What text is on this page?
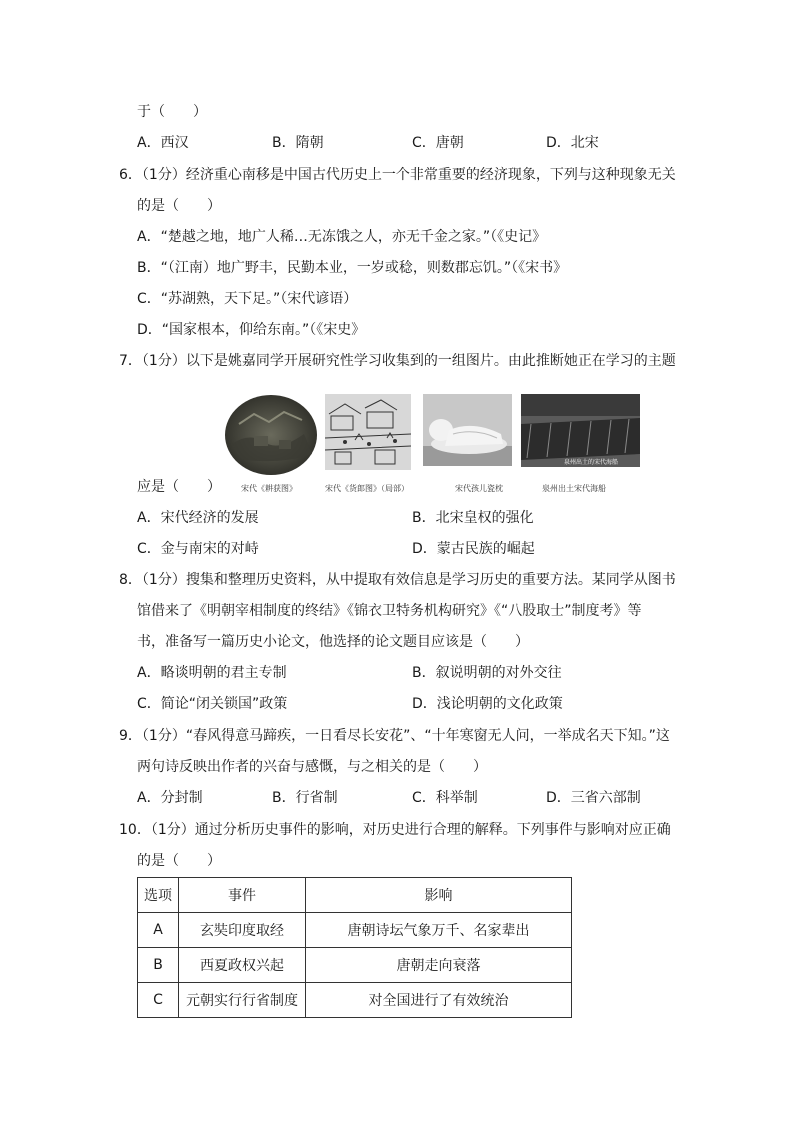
于（　　）
A．西汉	B．隋朝	C．唐朝	D．北宋
6．（1分）经济重心南移是中国古代历史上一个非常重要的经济现象，下列与这种现象无关
的是（　　）
A．“楚越之地，地广人稀…无冻饿之人，亦无千金之家。”（《史记》
B．“（江南）地广野丰，民勤本业，一岁或稔，则数郡忘饥。”（《宋书》
C．“苏湖熟，天下足。”（宋代谚语）
D．“国家根本，仰给东南。”（《宋史》
7．（1分）以下是姚嘉同学开展研究性学习收集到的一组图片。由此推断她正在学习的主题
泉州出土的宋代海船
宋代《耕获图》	宋代《货郎图》（局部）	宋代孩儿瓷枕	泉州出土宋代海船
应是（　　）
A．宋代经济的发展	B．北宋皇权的强化
C．金与南宋的对峙	D．蒙古民族的崛起
8．（1分）搜集和整理历史资料，从中提取有效信息是学习历史的重要方法。某同学从图书
馆借来了《明朝宰相制度的终结》《锦衣卫特务机构研究》《“八股取士”制度考》等
书，准备写一篇历史小论文，他选择的论文题目应该是（　　）
A．略谈明朝的君主专制	B．叙说明朝的对外交往
C．简论“闭关锁国”政策	D．浅论明朝的文化政策
9．（1分）“春风得意马蹄疾，一日看尽长安花”、“十年寒窗无人问，一举成名天下知。”这
两句诗反映出作者的兴奋与感慨，与之相关的是（　　）
A．分封制	B．行省制	C．科举制	D．三省六部制
10．（1分）通过分析历史事件的影响，对历史进行合理的解释。下列事件与影响对应正确
的是（　　）
选项	事件	影响
A	玄奘印度取经	唐朝诗坛气象万千、名家辈出
B	西夏政权兴起	唐朝走向衰落
C	元朝实行行省制度	对全国进行了有效统治
